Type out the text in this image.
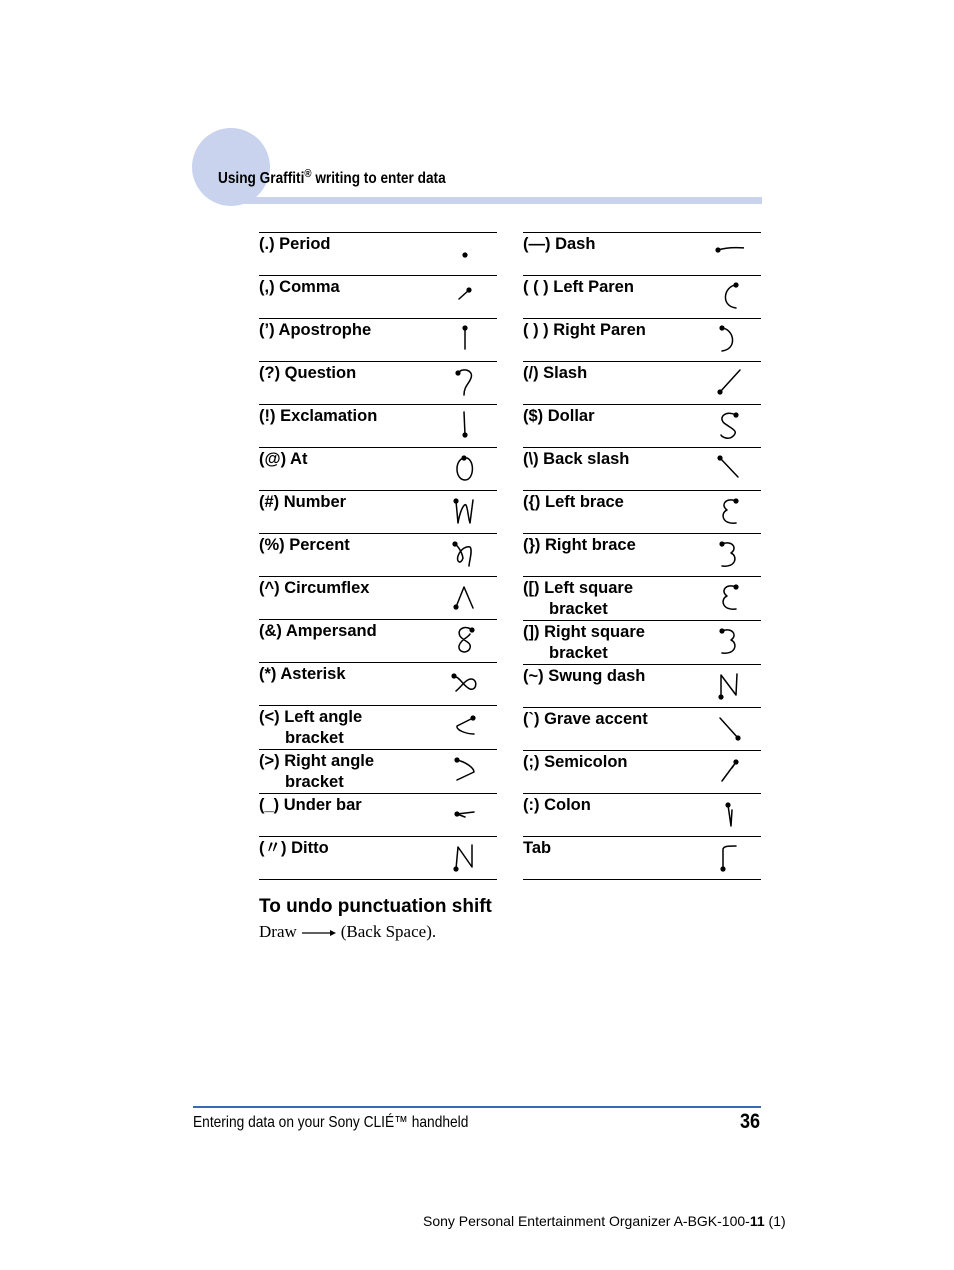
Using Graffiti® writing to enter data
(.) Period	

(,) Comma	

(’) Apostrophe	

(?) Question	

(!) Exclamation	

(@) At	

(#) Number	

(%) Percent	

(^) Circumflex	

(&) Ampersand	

(*) Asterisk	

(<) Left angle
bracket

(>) Right angle
bracket

(_) Under bar	

(〃) Ditto	
(—) Dash	

( ( ) Left Paren	

( ) ) Right Paren	

(/) Slash	

($) Dollar	

(\) Back slash	

({) Left brace	

(}) Right brace	

([) Left square
bracket

(]) Right square
bracket

(~) Swung dash	

(`) Grave accent	

(;) Semicolon	

(:) Colon	

Tab	
To undo punctuation shift
Draw	(Back Space).
Entering data on your Sony CLIÉ™ handheld	36
Sony Personal Entertainment Organizer A-BGK-100-11 (1)
